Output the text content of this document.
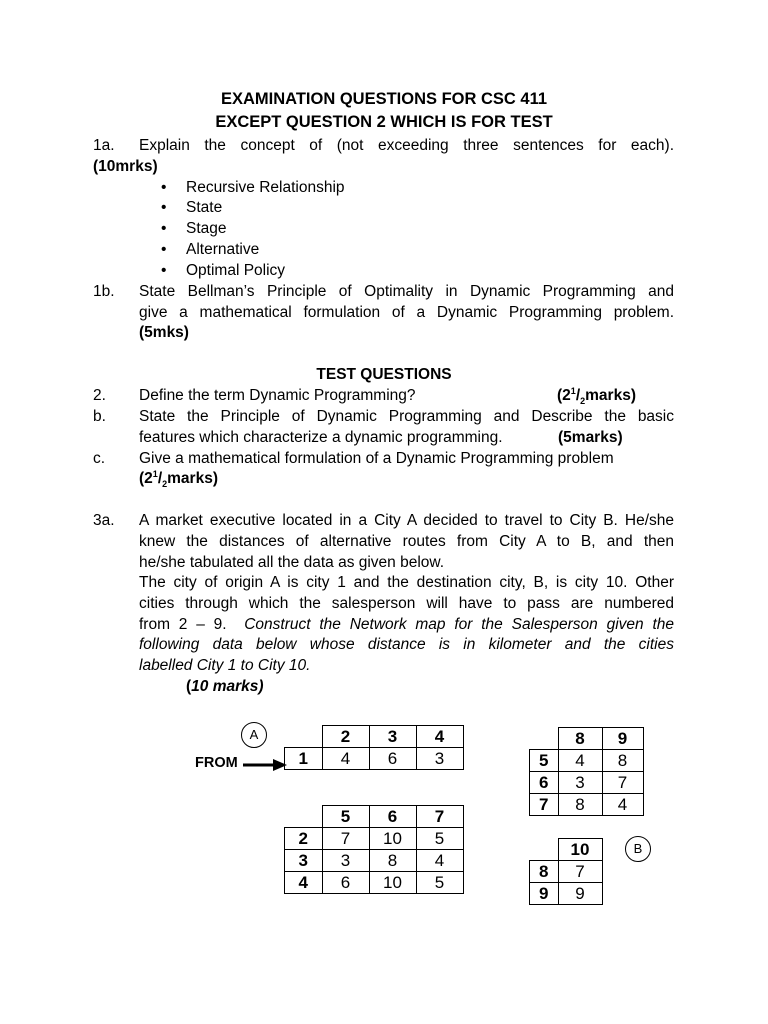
EXAMINATION QUESTIONS FOR CSC 411
EXCEPT QUESTION 2 WHICH IS FOR TEST
1a. Explain the concept of (not exceeding three sentences for each).
(10mrks)
• Recursive Relationship
• State
• Stage
• Alternative
• Optimal Policy
1b. State Bellman’s Principle of Optimality in Dynamic Programming and
give a mathematical formulation of a Dynamic Programming problem.
(5mks)
TEST QUESTIONS
2. Define the term Dynamic Programming?	$(2^1/_2marks)$
b. State the Principle of Dynamic Programming and Describe the basic
features which characterize a dynamic programming.	(5marks)
c. Give a mathematical formulation of a Dynamic Programming problem
$(2^1/_2marks)$
3a. A market executive located in a City A decided to travel to City B. He/she
knew the distances of alternative routes from City A to B, and then
he/she tabulated all the data as given below.
The city of origin A is city 1 and the destination city, B, is city 10. Other
cities through which the salesperson will have to pass are numbered
from 2 – 9. Construct the Network map for the Salesperson given the
following data below whose distance is in kilometer and the cities
labelled City 1 to City 10.
(10 marks)
A
FROM
	2	3	4
1	4	6	3
	5	6	7
2	7	10	5
3	3	8	4
4	6	10	5
	8	9
5	4	8
6	3	7
7	8	4
	10
8	7
9	9
B
